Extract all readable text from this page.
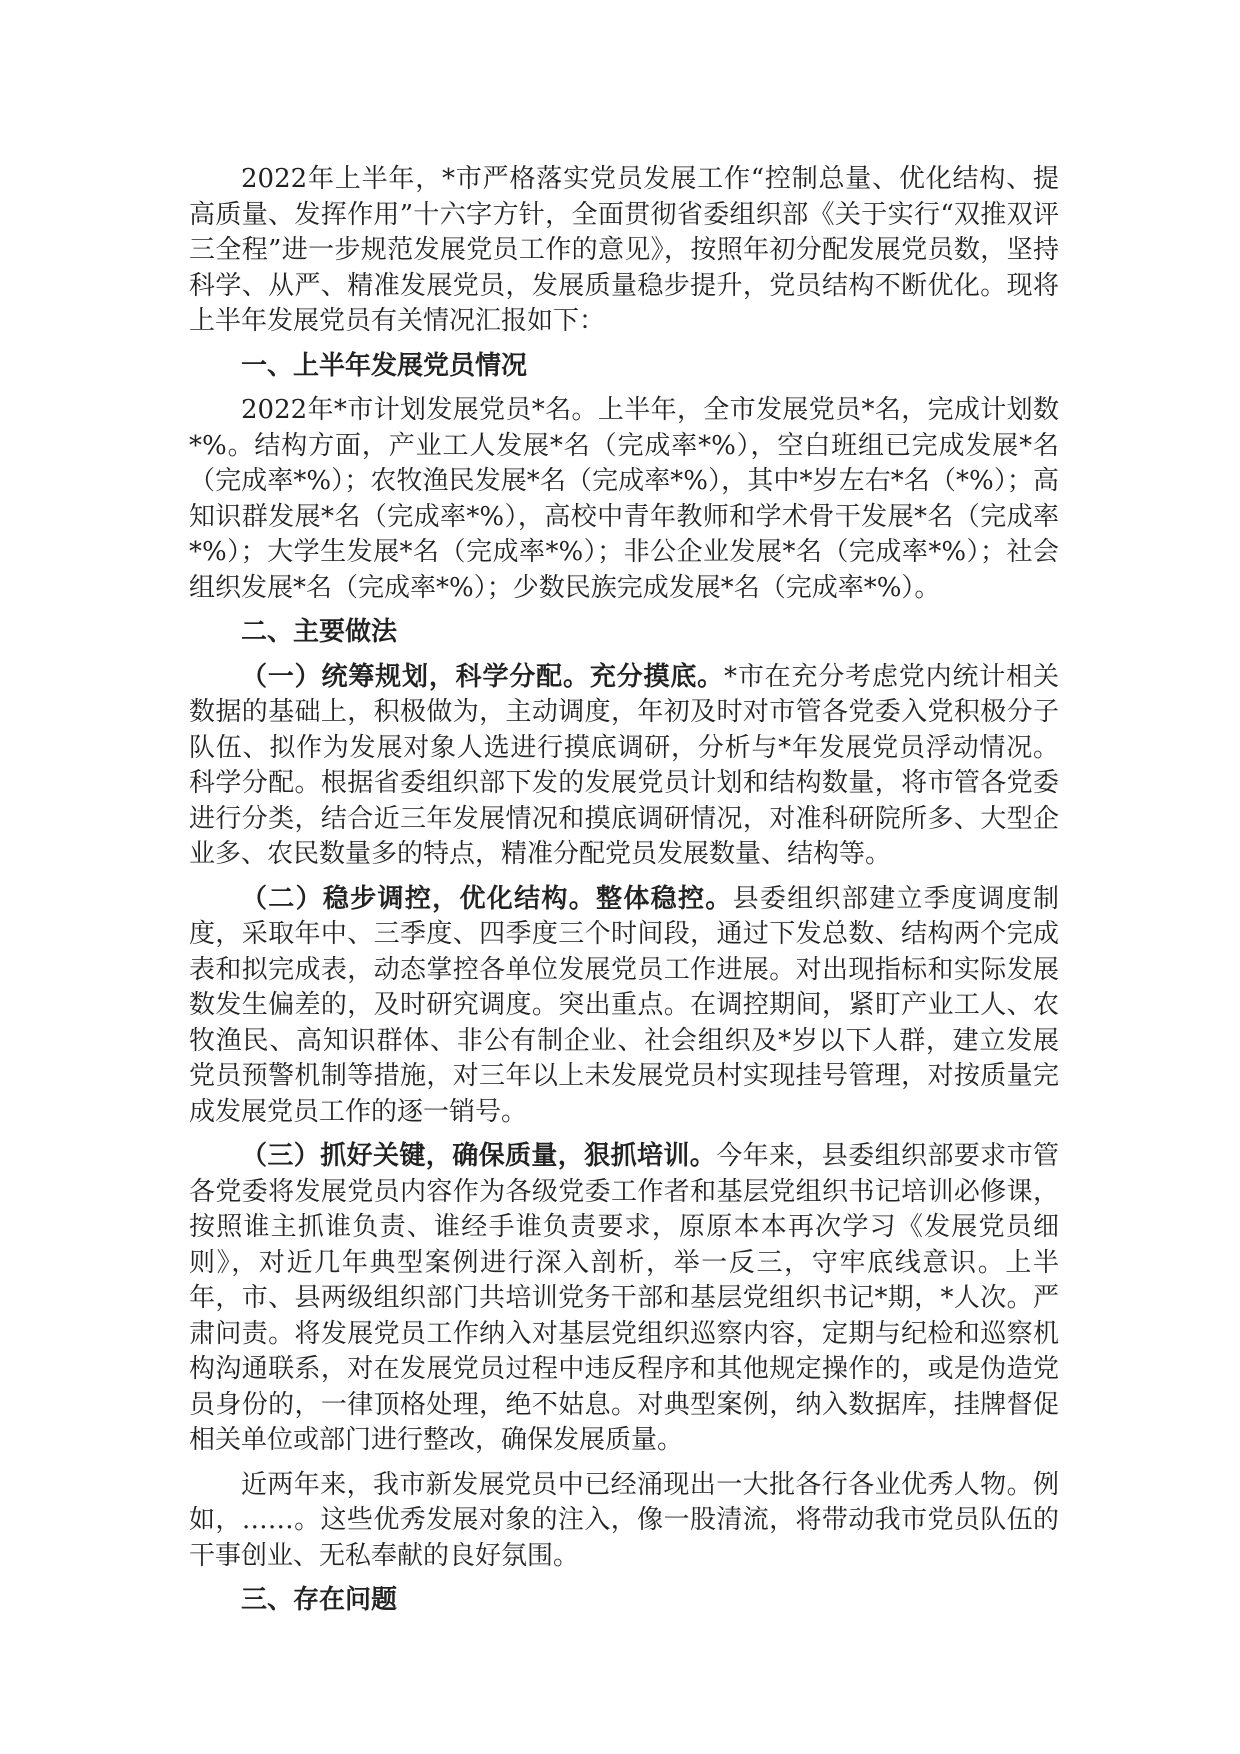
2022年上半年，*市严格落实党员发展工作“控制总量、优化结构、提高质量、发挥作用”十六字方针，全面贯彻省委组织部《关于实行“双推双评三全程”进一步规范发展党员工作的意见》，按照年初分配发展党员数，坚持科学、从严、精准发展党员，发展质量稳步提升，党员结构不断优化。现将上半年发展党员有关情况汇报如下：

一、上半年发展党员情况

2022年*市计划发展党员*名。上半年，全市发展党员*名，完成计划数*%。结构方面，产业工人发展*名（完成率*%），空白班组已完成发展*名（完成率*%）；农牧渔民发展*名（完成率*%），其中*岁左右*名（*%）；高知识群发展*名（完成率*%），高校中青年教师和学术骨干发展*名（完成率*%）；大学生发展*名（完成率*%）；非公企业发展*名（完成率*%）；社会组织发展*名（完成率*%）；少数民族完成发展*名（完成率*%）。

二、主要做法

（一）统筹规划，科学分配。充分摸底。*市在充分考虑党内统计相关数据的基础上，积极做为，主动调度，年初及时对市管各党委入党积极分子队伍、拟作为发展对象人选进行摸底调研，分析与*年发展党员浮动情况。科学分配。根据省委组织部下发的发展党员计划和结构数量，将市管各党委进行分类，结合近三年发展情况和摸底调研情况，对准科研院所多、大型企业多、农民数量多的特点，精准分配党员发展数量、结构等。

（二）稳步调控，优化结构。整体稳控。县委组织部建立季度调度制度，采取年中、三季度、四季度三个时间段，通过下发总数、结构两个完成表和拟完成表，动态掌控各单位发展党员工作进展。对出现指标和实际发展数发生偏差的，及时研究调度。突出重点。在调控期间，紧盯产业工人、农牧渔民、高知识群体、非公有制企业、社会组织及*岁以下人群，建立发展党员预警机制等措施，对三年以上未发展党员村实现挂号管理，对按质量完成发展党员工作的逐一销号。

（三）抓好关键，确保质量，狠抓培训。今年来，县委组织部要求市管各党委将发展党员内容作为各级党委工作者和基层党组织书记培训必修课，按照谁主抓谁负责、谁经手谁负责要求，原原本本再次学习《发展党员细则》，对近几年典型案例进行深入剖析，举一反三，守牢底线意识。上半年，市、县两级组织部门共培训党务干部和基层党组织书记*期，*人次。严肃问责。将发展党员工作纳入对基层党组织巡察内容，定期与纪检和巡察机构沟通联系，对在发展党员过程中违反程序和其他规定操作的，或是伪造党员身份的，一律顶格处理，绝不姑息。对典型案例，纳入数据库，挂牌督促相关单位或部门进行整改，确保发展质量。

近两年来，我市新发展党员中已经涌现出一大批各行各业优秀人物。例如，……。这些优秀发展对象的注入，像一股清流，将带动我市党员队伍的干事创业、无私奉献的良好氛围。

三、存在问题
